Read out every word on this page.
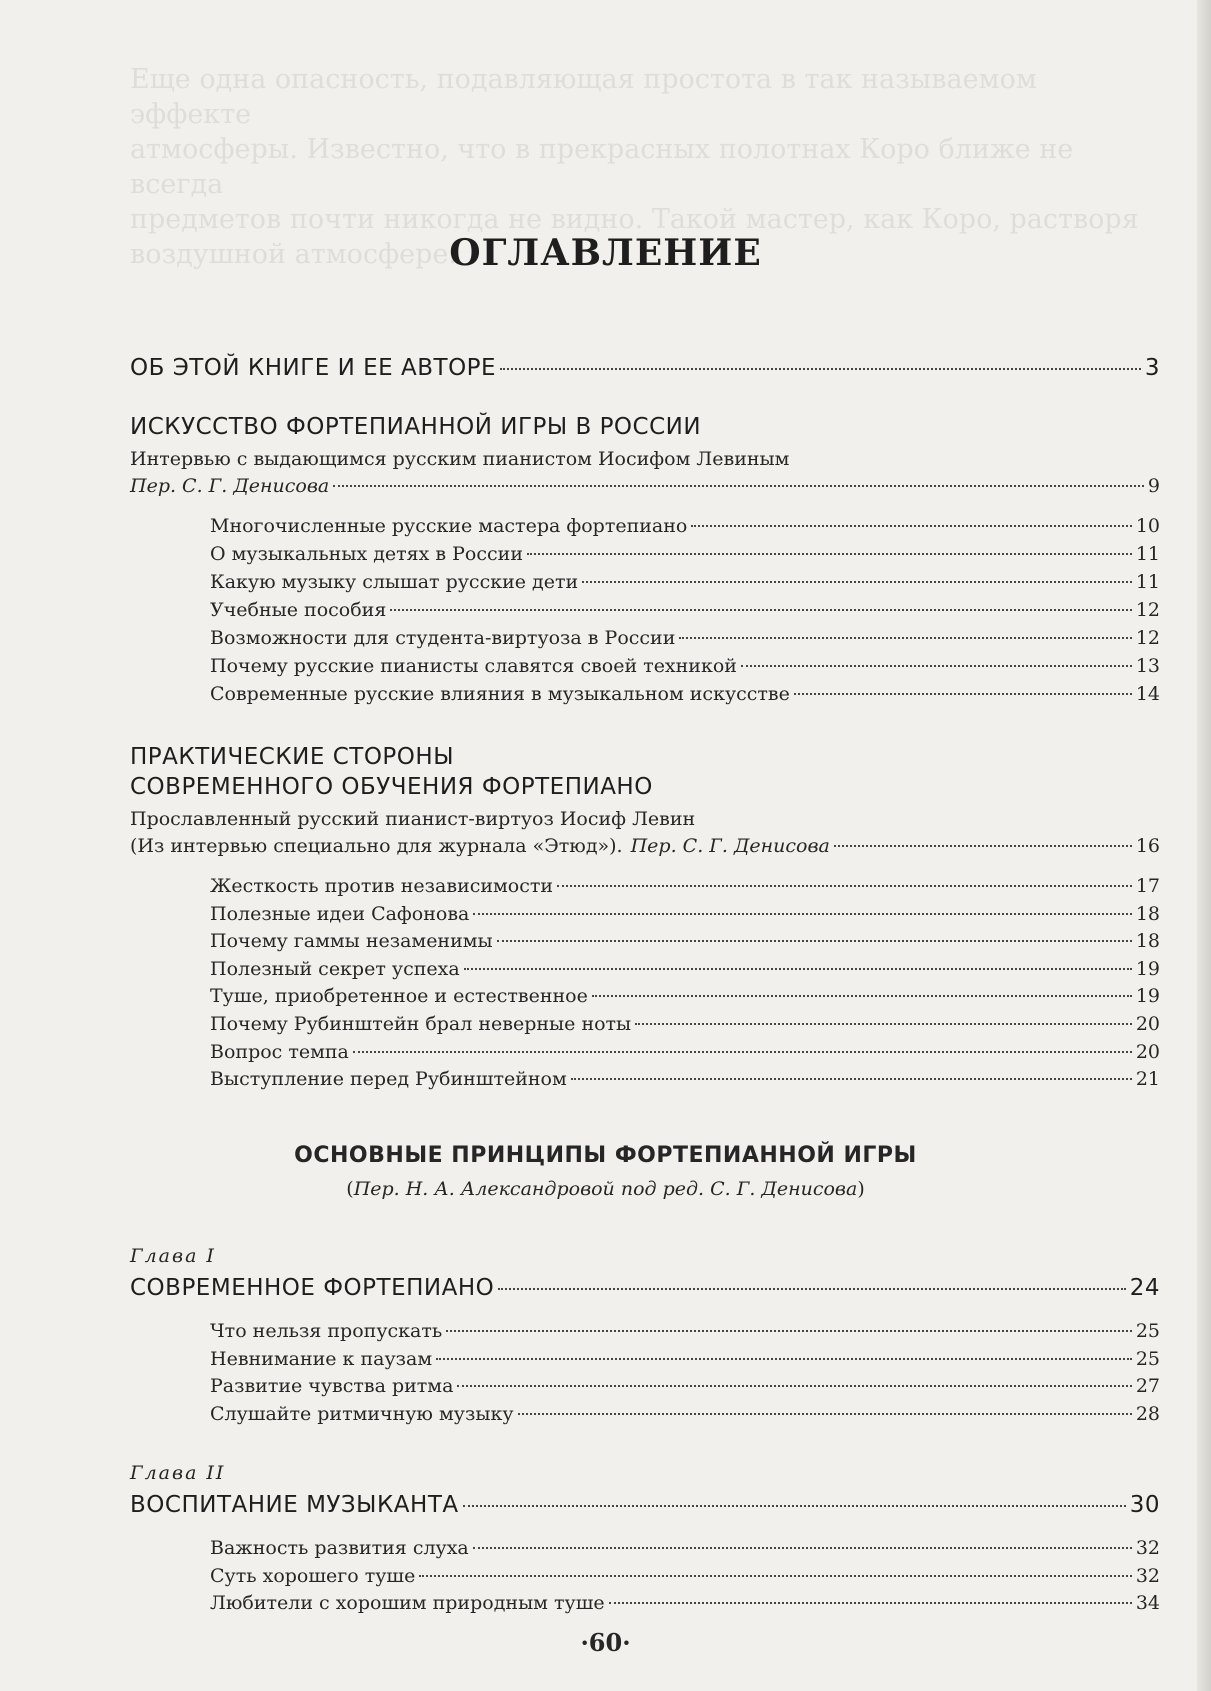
Еще одна опасность, подавляющая простота в так называемом эффекте
атмосферы. Известно, что в прекрасных полотнах Коро ближе не всегда
предметов почти никогда не видно. Такой мастер, как Коро, растворя
воздушной атмосфере.
ОГЛАВЛЕНИЕ
ОБ ЭТОЙ КНИГЕ И ЕЕ АВТОРЕ	3
ИСКУССТВО ФОРТЕПИАННОЙ ИГРЫ В РОССИИ
Интервью с выдающимся русским пианистом Иосифом Левиным
Пер. С. Г. Денисова	9
Многочисленные русские мастера фортепиано	10
О музыкальных детях в России	11
Какую музыку слышат русские дети	11
Учебные пособия	12
Возможности для студента-виртуоза в России	12
Почему русские пианисты славятся своей техникой	13
Современные русские влияния в музыкальном искусстве	14
ПРАКТИЧЕСКИЕ СТОРОНЫ
СОВРЕМЕННОГО ОБУЧЕНИЯ ФОРТЕПИАНО
Прославленный русский пианист-виртуоз Иосиф Левин
(Из интервью специально для журнала «Этюд»). Пер. С. Г. Денисова	16
Жесткость против независимости	17
Полезные идеи Сафонова	18
Почему гаммы незаменимы	18
Полезный секрет успеха	19
Туше, приобретенное и естественное	19
Почему Рубинштейн брал неверные ноты	20
Вопрос темпа	20
Выступление перед Рубинштейном	21
ОСНОВНЫЕ ПРИНЦИПЫ ФОРТЕПИАННОЙ ИГРЫ
(Пер. Н. А. Александровой под ред. С. Г. Денисова)
Глава I
СОВРЕМЕННОЕ ФОРТЕПИАНО	24
Что нельзя пропускать	25
Невнимание к паузам	25
Развитие чувства ритма	27
Слушайте ритмичную музыку	28
Глава II
ВОСПИТАНИЕ МУЗЫКАНТА	30
Важность развития слуха	32
Суть хорошего туше	32
Любители с хорошим природным туше	34
·60·
